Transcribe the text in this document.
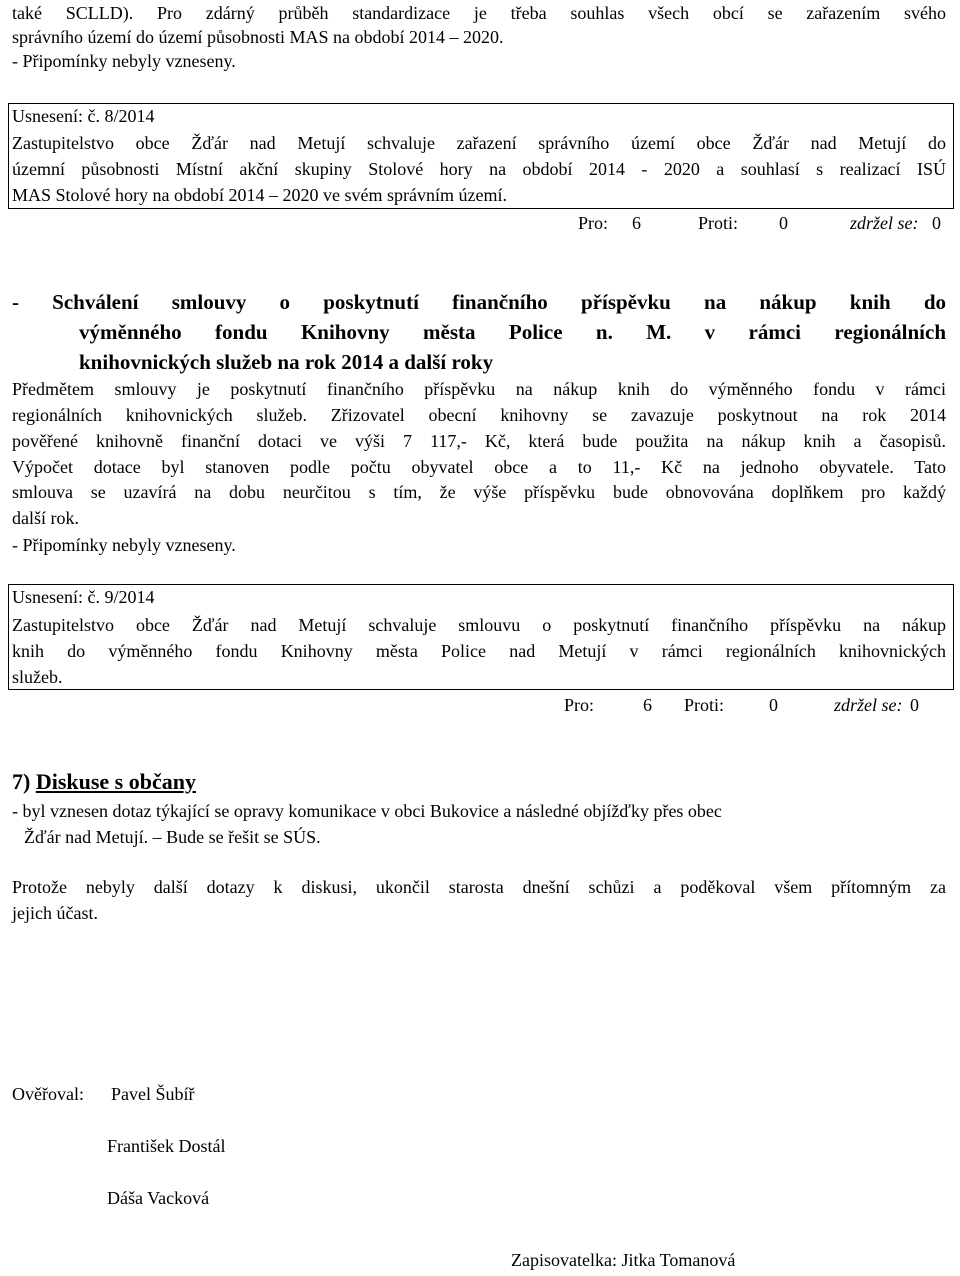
také SCLLD). Pro zdárný průběh standardizace je třeba souhlas všech obcí se zařazením svého
správního území do území působnosti MAS na období 2014 – 2020.
- Připomínky nebyly vzneseny.
Usnesení: č. 8/2014
Zastupitelstvo obce Žďár nad Metují schvaluje zařazení správního území obce Žďár nad Metují do
územní působnosti Místní akční skupiny Stolové hory na období 2014 - 2020 a souhlasí s realizací ISÚ
MAS Stolové hory na období 2014 – 2020 ve svém správním území.
Pro: 6	Proti: 0	zdržel se: 0
- Schválení smlouvy o poskytnutí finančního příspěvku na nákup knih do
výměnného fondu Knihovny města Police n. M. v rámci regionálních
knihovnických služeb na rok 2014 a další roky
Předmětem smlouvy je poskytnutí finančního příspěvku na nákup knih do výměnného fondu v rámci
regionálních knihovnických služeb. Zřizovatel obecní knihovny se zavazuje poskytnout na rok 2014
pověřené knihovně finanční dotaci ve výši 7 117,- Kč, která bude použita na nákup knih a časopisů.
Výpočet dotace byl stanoven podle počtu obyvatel obce a to 11,- Kč na jednoho obyvatele. Tato
smlouva se uzavírá na dobu neurčitou s tím, že výše příspěvku bude obnovována doplňkem pro každý
další rok.
- Připomínky nebyly vzneseny.
Usnesení: č. 9/2014
Zastupitelstvo obce Žďár nad Metují schvaluje smlouvu o poskytnutí finančního příspěvku na nákup
knih do výměnného fondu Knihovny města Police nad Metují v rámci regionálních knihovnických
služeb.
Pro:	6 Proti: 0	zdržel se: 0
7) Diskuse s občany
- byl vznesen dotaz týkající se opravy komunikace v obci Bukovice a následné objížďky přes obec
Žďár nad Metují. – Bude se řešit se SÚS.
Protože nebyly další dotazy k diskusi, ukončil starosta dnešní schůzi a poděkoval všem přítomným za
jejich účast.
Ověřoval: Pavel Šubíř
František Dostál
Dáša Vacková
Zapisovatelka: Jitka Tomanová
